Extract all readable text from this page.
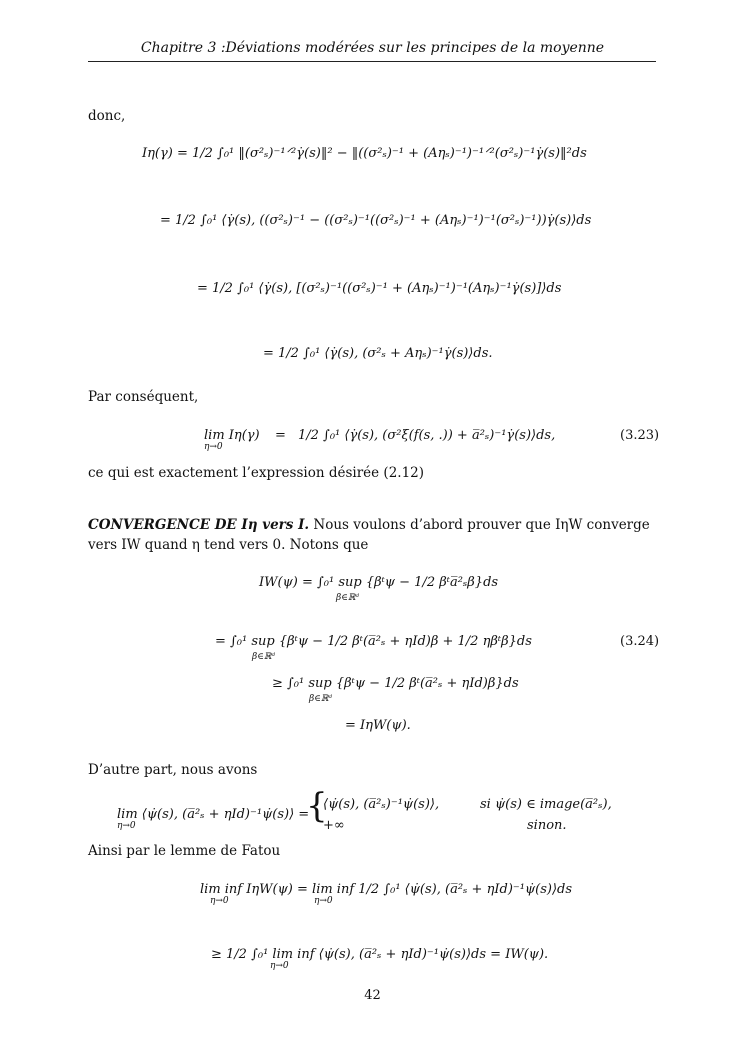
Chapitre 3 :Déviations modérées sur les principes de la moyenne
donc,
Iη(γ) = 1/2 ∫₀¹ ‖(σ²ₛ)⁻¹ᐟ²γ̇(s)‖² − ‖((σ²ₛ)⁻¹ + (Aηₛ)⁻¹)⁻¹ᐟ²(σ²ₛ)⁻¹γ̇(s)‖²ds
= 1/2 ∫₀¹ ⟨γ̇(s), ((σ²ₛ)⁻¹ − ((σ²ₛ)⁻¹((σ²ₛ)⁻¹ + (Aηₛ)⁻¹)⁻¹(σ²ₛ)⁻¹))γ̇(s)⟩ds
= 1/2 ∫₀¹ ⟨γ̇(s), [(σ²ₛ)⁻¹((σ²ₛ)⁻¹ + (Aηₛ)⁻¹)⁻¹(Aηₛ)⁻¹γ̇(s)]⟩ds
= 1/2 ∫₀¹ ⟨γ̇(s), (σ²ₛ + Aηₛ)⁻¹γ̇(s)⟩ds.
Par conséquent,
lim Iη(γ)
η→0
= 1/2 ∫₀¹ ⟨γ̇(s), (σ²ξ(f(s, .)) + a̅²ₛ)⁻¹γ̇(s)⟩ds,	(3.23)
ce qui est exactement l’expression désirée (2.12)
CONVERGENCE DE Iη vers I. Nous voulons d’abord prouver que IηW converge
vers IW quand η tend vers 0. Notons que
IW(ψ) = ∫₀¹ sup {βᵗψ − 1/2 βᵗa̅²ₛβ}ds
β∈ℝᵈ
= ∫₀¹ sup {βᵗψ − 1/2 βᵗ(a̅²ₛ + ηId)β + 1/2 ηβᵗβ}ds
β∈ℝᵈ
(3.24)
≥ ∫₀¹ sup {βᵗψ − 1/2 βᵗ(a̅²ₛ + ηId)β}ds
β∈ℝᵈ
= IηW(ψ).
D’autre part, nous avons
lim ⟨ψ̇(s), (a̅²ₛ + ηId)⁻¹ψ̇(s)⟩ =
η→0	{
⟨ψ̇(s), (a̅²ₛ)⁻¹ψ̇(s)⟩,	si ψ̇(s) ∈ image(a̅²ₛ),
+∞	sinon.
Ainsi par le lemme de Fatou
lim inf IηW(ψ) = lim inf 1/2 ∫₀¹ ⟨ψ̇(s), (a̅²ₛ + ηId)⁻¹ψ̇(s)⟩ds
η→0	η→0
≥ 1/2 ∫₀¹ lim inf ⟨ψ̇(s), (a̅²ₛ + ηId)⁻¹ψ̇(s)⟩ds = IW(ψ).
η→0
42
